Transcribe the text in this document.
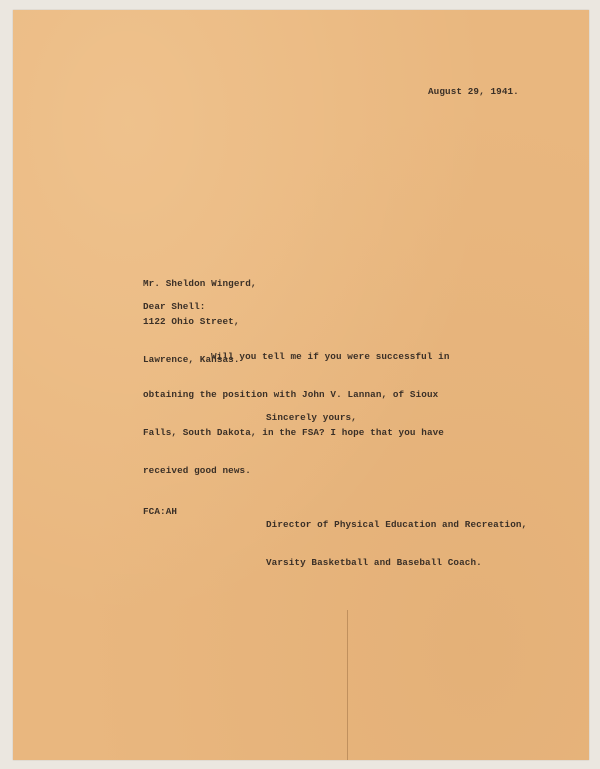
August 29, 1941.

Mr. Sheldon Wingerd,

1122 Ohio Street,

Lawrence, Kansas.

Dear Shell:

Will you tell me if you were successful in

obtaining the position with John V. Lannan, of Sioux

Falls, South Dakota, in the FSA? I hope that you have

received good news.

Sincerely yours,

Director of Physical Education and Recreation,

Varsity Basketball and Baseball Coach.

FCA:AH
